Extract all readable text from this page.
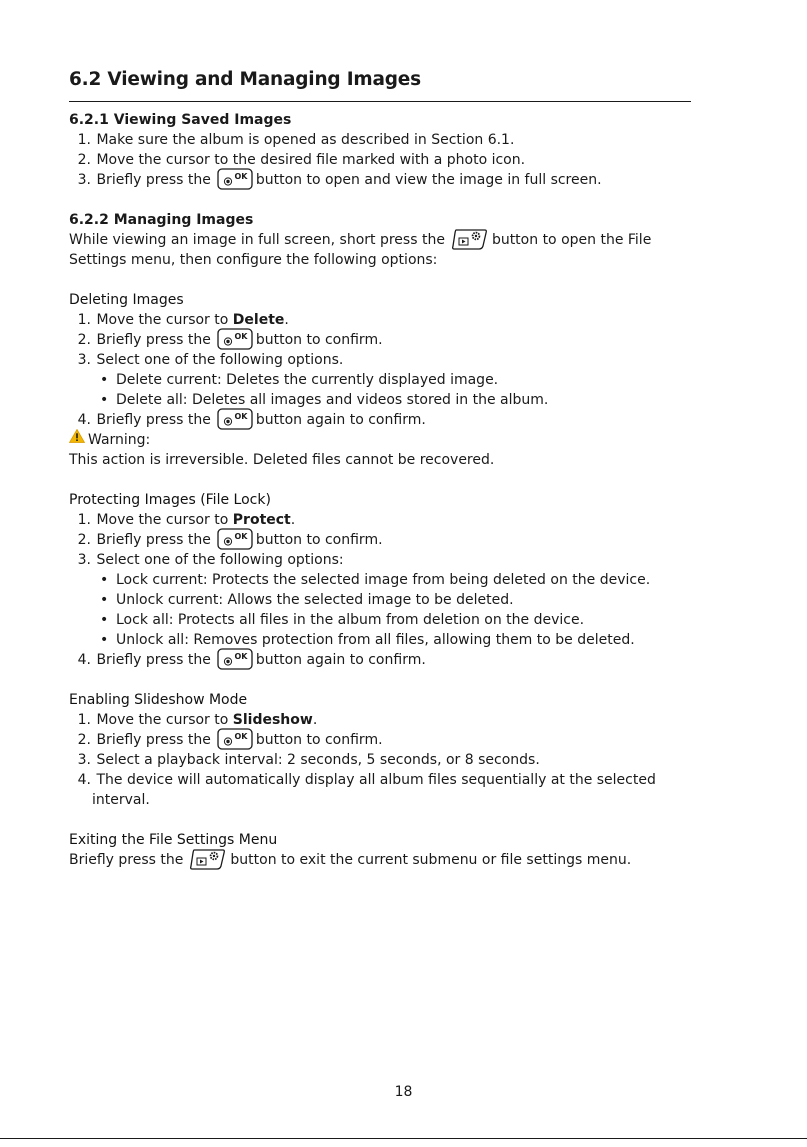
6.2 Viewing and Managing Images
6.2.1 Viewing Saved Images
1.
Make sure the album is opened as described in Section 6.1.
2.
Move the cursor to the desired file marked with a photo icon.
3.
Briefly press the	OK button to open and view the image in full screen.
6.2.2 Managing Images
While viewing an image in full screen, short press the	button to open the File
Settings menu, then configure the following options:
Deleting Images
1.
Move the cursor to
Delete .
2.
Briefly press the	OK button to confirm.
3.
Select one of the following options.
• Delete current: Deletes the currently displayed image.
• Delete all: Deletes all images and videos stored in the album.
4.
Briefly press the	OK button again to confirm.
Warning:
This action is irreversible. Deleted files cannot be recovered.
Protecting Images (File Lock)
1.
Move the cursor to
Protect .
2.
Briefly press the	OK button to confirm.
3.
Select one of the following options:
• Lock current: Protects the selected image from being deleted on the device.
• Unlock current: Allows the selected image to be deleted.
• Lock all: Protects all files in the album from deletion on the device.
• Unlock all: Removes protection from all files, allowing them to be deleted.
4.
Briefly press the	OK button again to confirm.
Enabling Slideshow Mode
1.
Move the cursor to
Slideshow .
2.
Briefly press the	OK button to confirm.
3.
Select a playback interval: 2 seconds, 5 seconds, or 8 seconds.
4.
The device will automatically display all album files sequentially at the selected
interval.
Exiting the File Settings Menu
Briefly press the	button to exit the current submenu or file settings menu.
18
